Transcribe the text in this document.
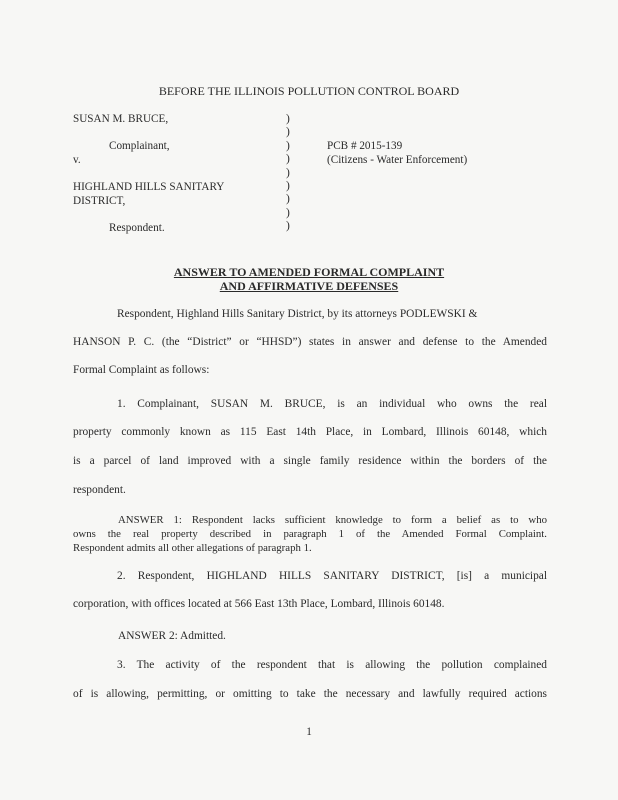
BEFORE THE ILLINOIS POLLUTION CONTROL BOARD
SUSAN M. BRUCE,
Complainant,
v.
HIGHLAND HILLS SANITARY
DISTRICT,
Respondent.
)
)
)
)
)
)
)
)
)
PCB # 2015-139
(Citizens - Water Enforcement)
ANSWER TO AMENDED FORMAL COMPLAINT
AND AFFIRMATIVE DEFENSES
Respondent, Highland Hills Sanitary District, by its attorneys PODLEWSKI &
HANSON P. C. (the “District” or “HHSD”) states in answer and defense to the Amended
Formal Complaint as follows:
1. Complainant, SUSAN M. BRUCE, is an individual who owns the real
property commonly known as 115 East 14th Place, in Lombard, Illinois 60148, which
is a parcel of land improved with a single family residence within the borders of the
respondent.
ANSWER 1: Respondent lacks sufficient knowledge to form a belief as to who
owns the real property described in paragraph 1 of the Amended Formal Complaint.
Respondent admits all other allegations of paragraph 1.
2. Respondent, HIGHLAND HILLS SANITARY DISTRICT, [is] a municipal
corporation, with offices located at 566 East 13th Place, Lombard, Illinois 60148.
ANSWER 2: Admitted.
3. The activity of the respondent that is allowing the pollution complained
of is allowing, permitting, or omitting to take the necessary and lawfully required actions
1
